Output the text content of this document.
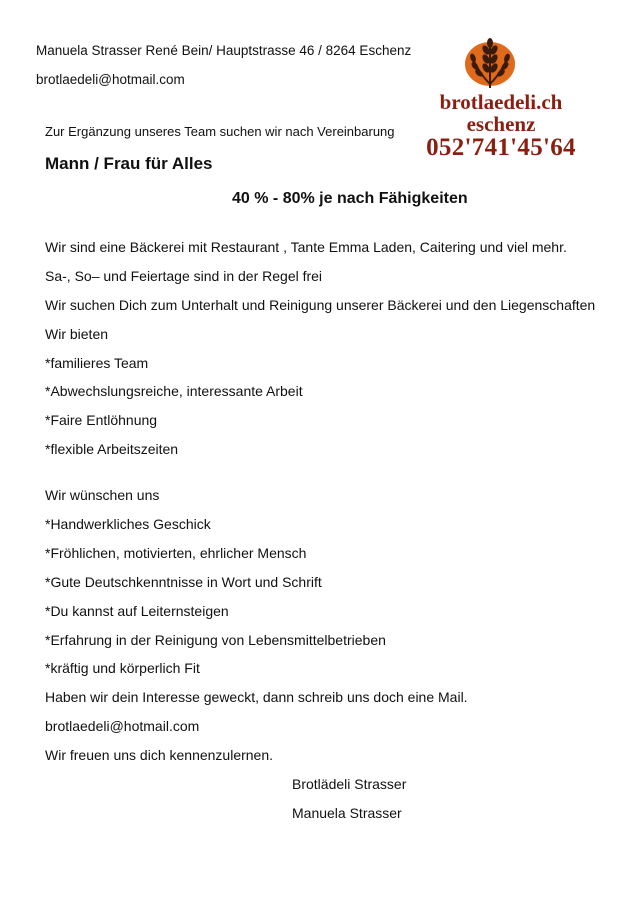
Manuela Strasser René Bein/ Hauptstrasse 46 / 8264 Eschenz
brotlaedeli@hotmail.com
brotlaedeli.ch
eschenz
052'741'45'64
Zur Ergänzung unseres Team suchen wir nach Vereinbarung
Mann / Frau für Alles
40 % - 80% je nach Fähigkeiten
Wir sind eine Bäckerei mit Restaurant , Tante Emma Laden, Caitering und viel mehr.
Sa-, So– und Feiertage sind in der Regel frei
Wir suchen Dich zum Unterhalt und Reinigung unserer Bäckerei und den Liegenschaften
Wir bieten
*familieres Team
*Abwechslungsreiche, interessante Arbeit
*Faire Entlöhnung
*flexible Arbeitszeiten
Wir wünschen uns
*Handwerkliches Geschick
*Fröhlichen, motivierten, ehrlicher Mensch
*Gute Deutschkenntnisse in Wort und Schrift
*Du kannst auf Leiternsteigen
*Erfahrung in der Reinigung von Lebensmittelbetrieben
*kräftig und körperlich Fit
Haben wir dein Interesse geweckt, dann schreib uns doch eine Mail.
brotlaedeli@hotmail.com
Wir freuen uns dich kennenzulernen.
Brotlädeli Strasser
Manuela Strasser
